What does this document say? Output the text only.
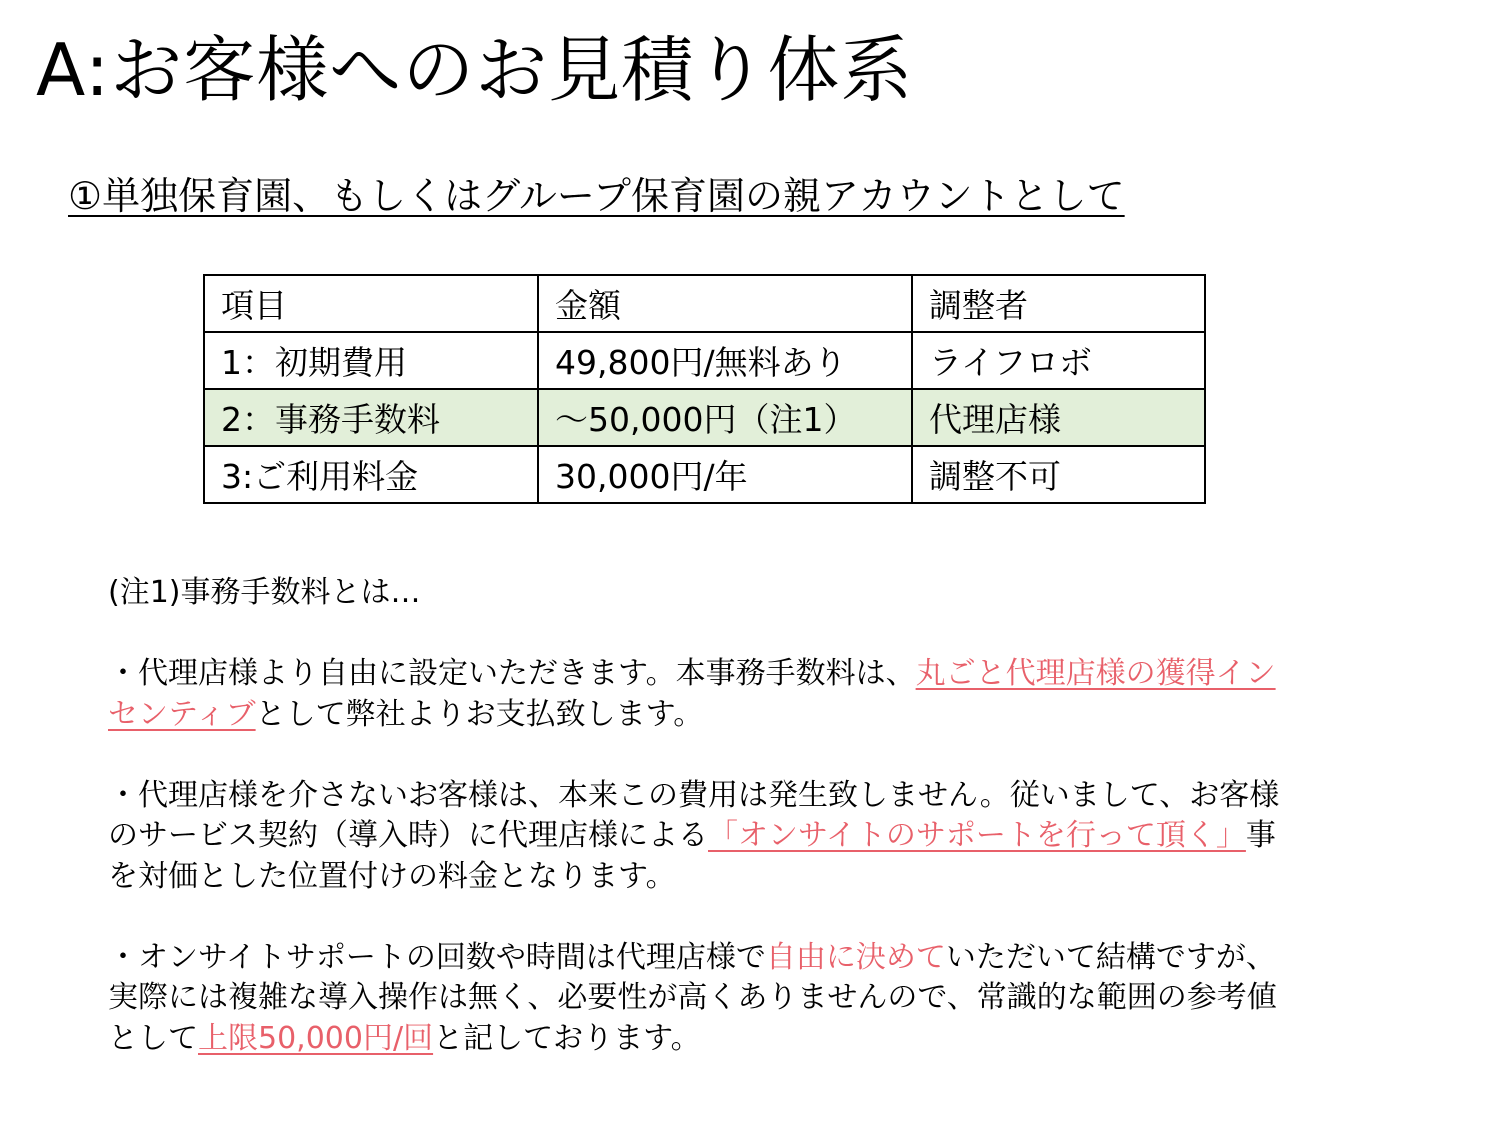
A:お客様へのお見積り体系
①単独保育園、もしくはグループ保育園の親アカウントとして
項目	金額	調整者
1：初期費用	49,800円/無料あり	ライフロボ
2：事務手数料	～50,000円（注1）	代理店様
3:ご利用料金	30,000円/年	調整不可

(注1)事務手数料とは…

・代理店様より自由に設定いただきます。本事務手数料は、丸ごと代理店様の獲得インセンティブとして弊社よりお支払致します。

・代理店様を介さないお客様は、本来この費用は発生致しません。従いまして、お客様のサービス契約（導入時）に代理店様による「オンサイトのサポートを行って頂く」事を対価とした位置付けの料金となります。

・オンサイトサポートの回数や時間は代理店様で自由に決めていただいて結構ですが、実際には複雑な導入操作は無く、必要性が高くありませんので、常識的な範囲の参考値として上限50,000円/回と記しております。
